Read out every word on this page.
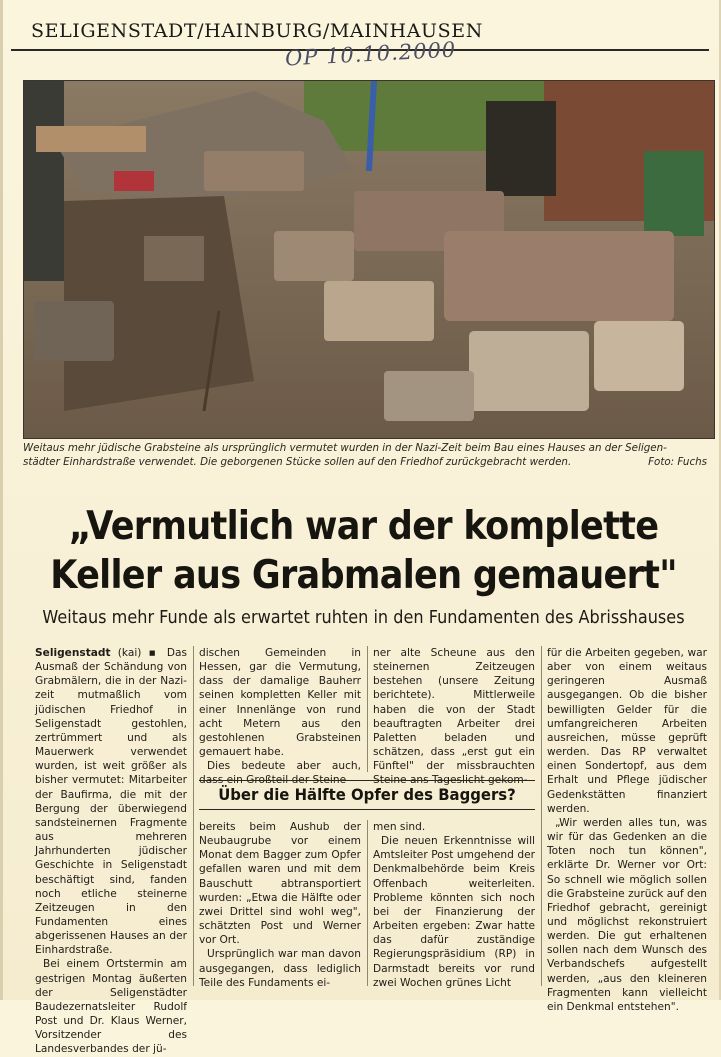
SELIGENSTADT/HAINBURG/MAINHAUSEN
OP 10.10.2000
Weitaus mehr jüdische Grabsteine als ursprünglich vermutet wurden in der Nazi-Zeit beim Bau eines Hauses an der Seligen-
städter Einhardstraße verwendet. Die geborgenen Stücke sollen auf den Friedhof zurückgebracht werden.	Foto: Fuchs
„Vermutlich war der komplette
Keller aus Grabmalen gemauert"
Weitaus mehr Funde als erwartet ruhten in den Fundamenten des Abrisshauses

Seligenstadt (kai) ▪ Das Ausmaß der Schändung von Grabmälern, die in der Nazi-zeit mutmaßlich vom jüdischen Friedhof in Seligenstadt gestohlen, zertrümmert und als Mauerwerk verwendet wurden, ist weit größer als bisher vermutet: Mitarbeiter der Baufirma, die mit der Bergung der überwiegend sandsteinernen Fragmente aus mehreren Jahrhunderten jüdischer Geschichte in Seligenstadt beschäftigt sind, fanden noch etliche steinerne Zeitzeugen in den Fundamenten eines abgerissenen Hauses an der Einhardstraße.

Bei einem Ortstermin am gestrigen Montag äußerten der Seligenstädter Baudezernatsleiter Rudolf Post und Dr. Klaus Werner, Vorsitzender des Landesverbandes der jü-

dischen Gemeinden in Hessen, gar die Vermutung, dass der damalige Bauherr seinen kompletten Keller mit einer Innenlänge von rund acht Metern aus den gestohlenen Grabsteinen gemauert habe.

Dies bedeute aber auch, dass ein Großteil der Steine

ner alte Scheune aus den steinernen Zeitzeugen bestehen (unsere Zeitung berichtete). Mittlerweile haben die von der Stadt beauftragten Arbeiter drei Paletten beladen und schätzen, dass „erst gut ein Fünftel" der missbrauchten Steine ans Tageslicht gekom-

Über die Hälfte Opfer des Baggers?

bereits beim Aushub der Neubaugrube vor einem Monat dem Bagger zum Opfer gefallen waren und mit dem Bauschutt abtransportiert wurden: „Etwa die Hälfte oder zwei Drittel sind wohl weg", schätzten Post und Werner vor Ort.

Ursprünglich war man davon ausgegangen, dass lediglich Teile des Fundaments ei-

men sind.

Die neuen Erkenntnisse will Amtsleiter Post umgehend der Denkmalbehörde beim Kreis Offenbach weiterleiten. Probleme könnten sich noch bei der Finanzierung der Arbeiten ergeben: Zwar hatte das dafür zuständige Regierungspräsidium (RP) in Darmstadt bereits vor rund zwei Wochen grünes Licht

für die Arbeiten gegeben, war aber von einem weitaus geringeren Ausmaß ausgegangen. Ob die bisher bewilligten Gelder für die umfangreicheren Arbeiten ausreichen, müsse geprüft werden. Das RP verwaltet einen Sondertopf, aus dem Erhalt und Pflege jüdischer Gedenkstätten finanziert werden.

„Wir werden alles tun, was wir für das Gedenken an die Toten noch tun können", erklärte Dr. Werner vor Ort: So schnell wie möglich sollen die Grabsteine zurück auf den Friedhof gebracht, gereinigt und möglichst rekonstruiert werden. Die gut erhaltenen sollen nach dem Wunsch des Verbandschefs aufgestellt werden, „aus den kleineren Fragmenten kann vielleicht ein Denkmal entstehen".
